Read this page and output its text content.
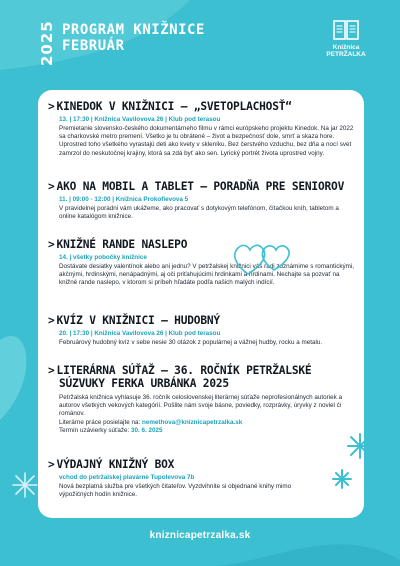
2025 PROGRAM KNIŽNICE
FEBRUÁR	Knižnica
PETRŽALKA
> KINEDOK V KNIŽNICI – „SVETOPLACHOSŤ“
13. | 17:30 | Knižnica Vavilovova 26 | Klub pod terasou
Premietanie slovensko-českého dokumentárneho filmu v rámci európskeho projektu Kinedok. Na jar 2022 sa charkovské metro premení. Všetko je tu obrátené – život a bezpečnosť dole, smrť a skaza hore. Uprostred toho všetkého vyrastajú deti ako kvety v skleníku. Bez čerstvého vzduchu, bez dňa a nocí svet zamrzol do neskutočnej krajiny, ktorá sa zdá byť ako sen. Lyrický portrét života uprostred vojny.
> AKO NA MOBIL A TABLET – PORADŇA PRE SENIOROV
11. | 09:00 - 12:00 | Knižnica Prokofievova 5
V pravidelnej poradni vám ukážeme, ako pracovať s dotykovým telefónom, čítačkou kníh, tabletom a online katalógom knižnice.
> KNIŽNÉ RANDE NASLEPO
14. | všetky pobočky knižnice
Dostávate desiatky valentínok alebo ani jednu? V petržalskej knižnici vás radi zoznámime s romantickými, akčnými, hrdinskými, nenápadnými, aj oči priťahujúcimi hrdinkami a hrdinami. Nechajte sa pozvať na knižné rande naslepo, v ktorom si príbeh hľadáte podľa našich malých indícií.
> KVÍZ V KNIŽNICI – HUDOBNÝ
20. | 17:30 | Knižnica Vavilovova 26 | Klub pod terasou
Februárový hudobný kvíz v sebe nesie 30 otázok z populárnej a vážnej hudby, rocku a metalu.
> LITERÁRNA SÚŤAŽ – 36. ROČNÍK PETRŽALSKÉ
SÚZVUKY FERKA URBÁNKA 2025
Petržalská knižnica vyhlasuje 36. ročník celoslovenskej literárnej súťaže neprofesionálnych autoriek a autorov všetkých vekových kategórií. Pošlite nám svoje básne, poviedky, rozprávky, úryvky z noviel či románov.
Literárne práce posielajte na: nemethova@kniznicapetrzalka.sk
Termín uzávierky súťaže: 30. 6. 2025
> VÝDAJNÝ KNIŽNÝ BOX
vchod do petržalskej plavárne Tupolevova 7b
Nová bezplatná služba pre všetkých čitateľov. Vyzdvihnite si objednané knihy mimo výpožičných hodín knižnice.
kniznicapetrzalka.sk
